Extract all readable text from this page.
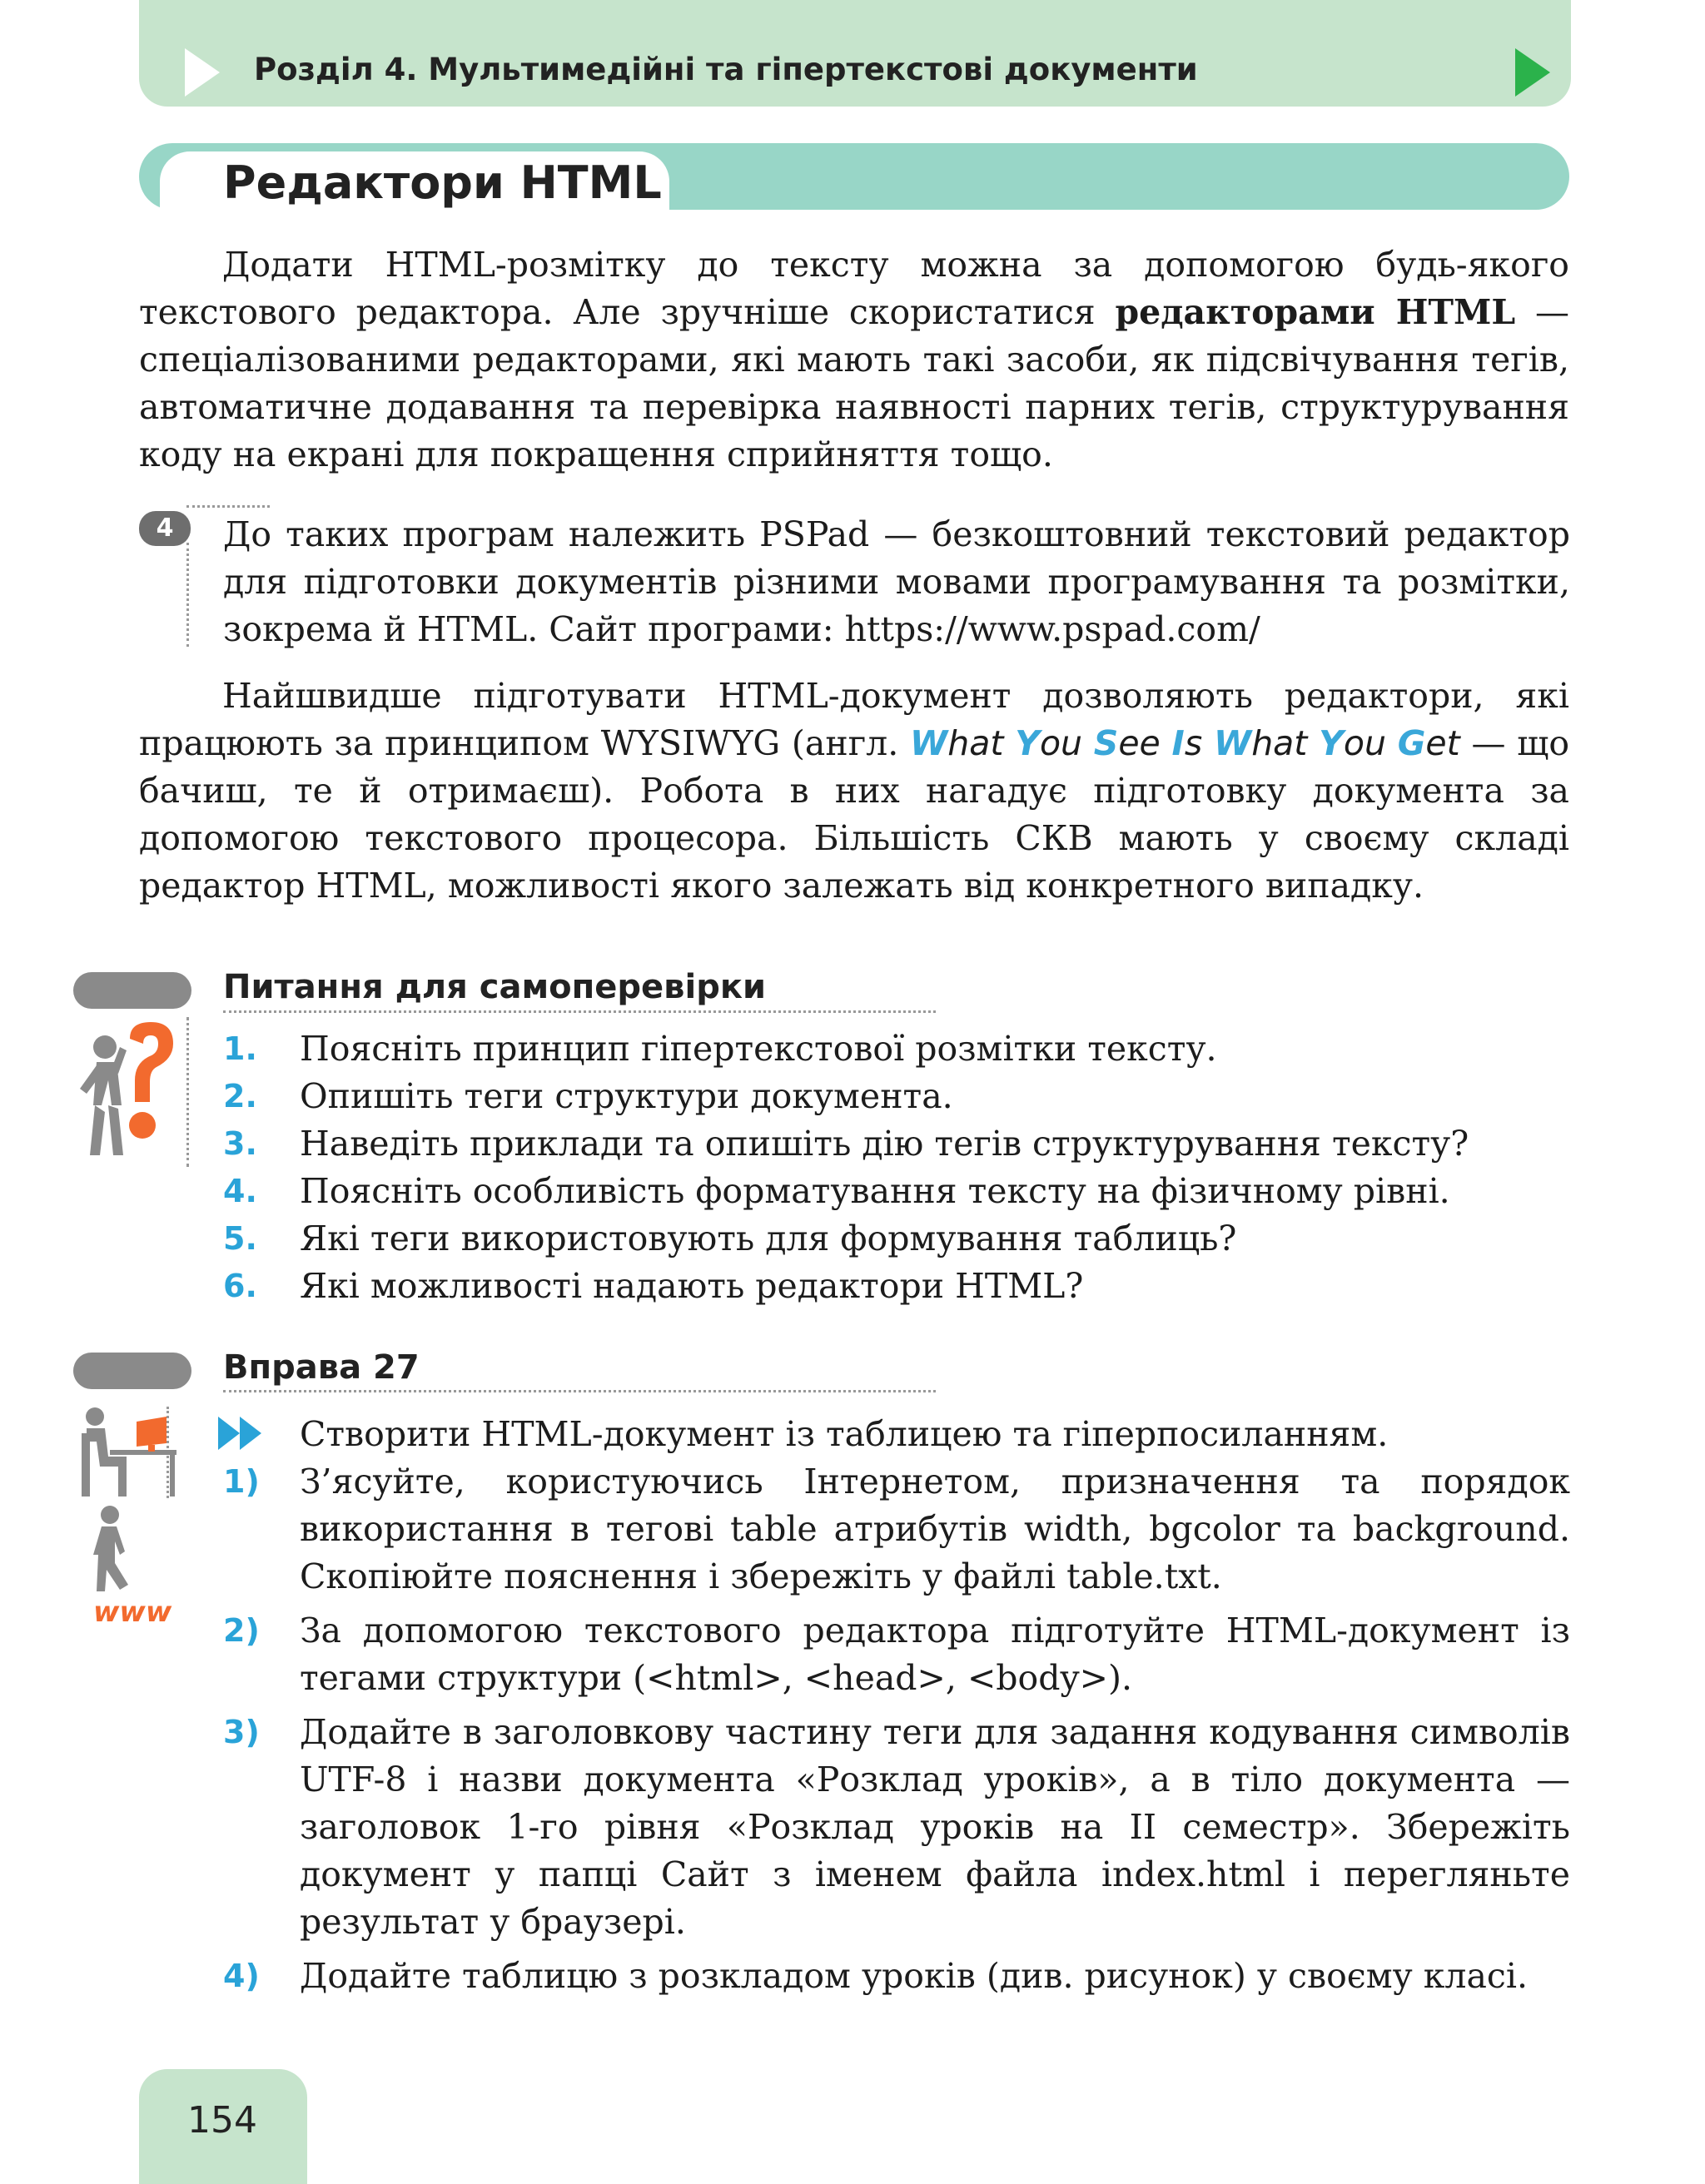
Розділ 4. Мультимедійні та гіпертекстові документи
Редактори HTML

Додати HTML-розмітку до тексту можна за допомогою будь-якого текстового редактора. Але зручніше скористатися редакторами HTML — спеціалізованими редакторами, які мають такі засоби, як підсвічування тегів, автоматичне додавання та перевірка наявності парних тегів, структурування коду на екрані для покращення сприйняття тощо.

4	До таких програм належить PSPad — безкоштовний текстовий редактор для підготовки документів різними мовами програмування та розмітки, зокрема й HTML. Сайт програми: https://www.pspad.com/

Найшвидше підготувати HTML-документ дозволяють редактори, які працюють за принципом WYSIWYG (англ. What You See Is What You Get — що бачиш, те й отримаєш). Робота в них нагадує підготовку документа за допомогою текстового процесора. Більшість СКВ мають у своєму складі редактор HTML, можливості якого залежать від конкретного випадку.

Питання для самоперевірки
1. Поясніть принцип гіпертекстової розмітки тексту.
2. Опишіть теги структури документа.
3. Наведіть приклади та опишіть дію тегів структурування тексту?
4. Поясніть особливість форматування тексту на фізичному рівні.
5. Які теги використовують для формування таблиць?
6. Які можливості надають редактори HTML?
Вправа 27
www
Створити HTML-документ із таблицею та гіперпосиланням.
1) З’ясуйте, користуючись Інтернетом, призначення та порядок використання в тегові table атрибутів width, bgcolor та background. Скопіюйте пояснення і збережіть у файлі table.txt.
2) За допомогою текстового редактора підготуйте HTML-документ із тегами структури (<html>, <head>, <body>).
3) Додайте в заголовкову частину теги для задання кодування символів UTF-8 і назви документа «Розклад уроків», а в тіло документа — заголовок 1-го рівня «Розклад уроків на II семестр». Збережіть документ у папці Сайт з іменем файла index.html і перегляньте результат у браузері.
4) Додайте таблицю з розкладом уроків (див. рисунок) у своєму класі.
154
